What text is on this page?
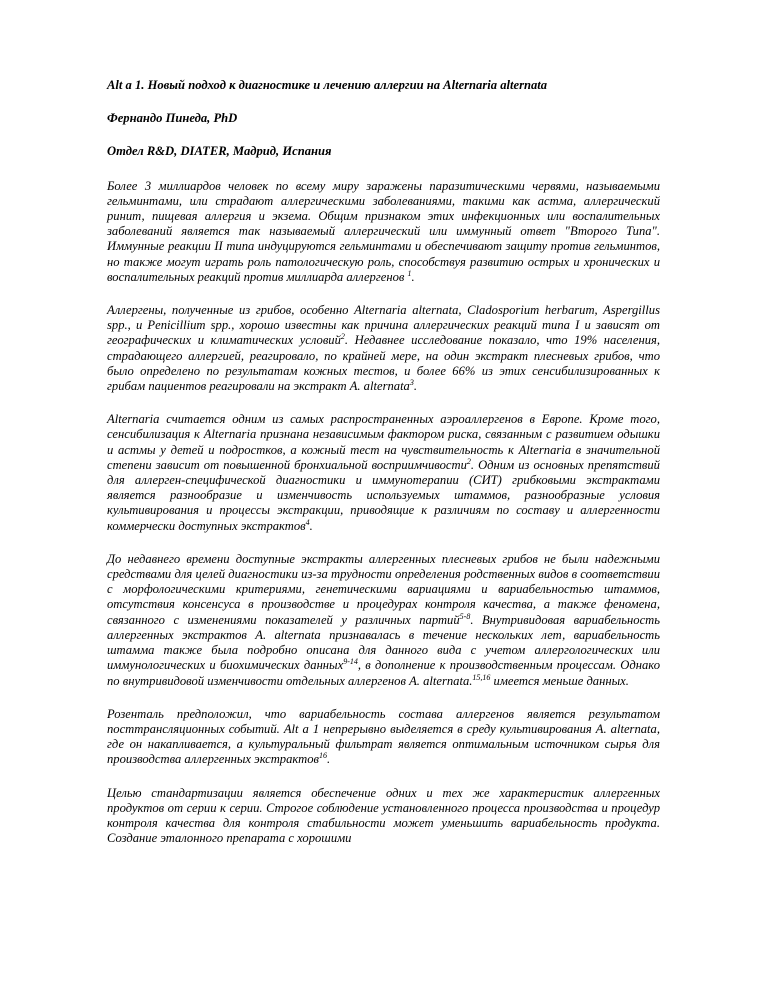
Alt a 1. Новый подход к диагностике и лечению аллергии на Alternaria alternata
Фернандо Пинеда, PhD
Отдел R&D, DIATER, Мадрид, Испания

Более 3 миллиардов человек по всему миру заражены паразитическими червями, называемыми гельминтами, или страдают аллергическими заболеваниями, такими как астма, аллергический ринит, пищевая аллергия и экзема. Общим признаком этих инфекционных или воспалительных заболеваний является так называемый аллергический или иммунный ответ "Второго Типа". Иммунные реакции II типа индуцируются гельминтами и обеспечивают защиту против гельминтов, но также могут играть роль патологическую роль, способствуя развитию острых и хронических и воспалительных реакций против миллиарда аллергенов $^1$.

Аллергены, полученные из грибов, особенно Alternaria alternata, Cladosporium herbarum, Aspergillus spp., и Penicillium spp., хорошо известны как причина аллергических реакций типа I и зависят от географических и климатических условий$^2$. Недавнее исследование показало, что 19% населения, страдающего аллергией, реагировало, по крайней мере, на один экстракт плесневых грибов, что было определено по результатам кожных тестов, и более 66% из этих сенсибилизированных к грибам пациентов реагировали на экстракт A. alternata$^3$.

Alternaria считается одним из самых распространенных аэроаллергенов в Европе. Кроме того, сенсибилизация к Alternaria признана независимым фактором риска, связанным с развитием одышки и астмы у детей и подростков, а кожный тест на чувствительность к Alternaria в значительной степени зависит от повышенной бронхиальной восприимчивости$^2$. Одним из основных препятствий для аллерген-специфической диагностики и иммунотерапии (СИТ) грибковыми экстрактами является разнообразие и изменчивость используемых штаммов, разнообразные условия культивирования и процессы экстракции, приводящие к различиям по составу и аллергенности коммерчески доступных экстрактов$^4$.

До недавнего времени доступные экстракты аллергенных плесневых грибов не были надежными средствами для целей диагностики из-за трудности определения родственных видов в соответствии с морфологическими критериями, генетическими вариациями и вариабельностью штаммов, отсутствия консенсуса в производстве и процедурах контроля качества, а также феномена, связанного с изменениями показателей у различных партий$^{5-8}$. Внутривидовая вариабельность аллергенных экстрактов A. alternata признавалась в течение нескольких лет, вариабельность штамма также была подробно описана для данного вида с учетом аллергологических или иммунологических и биохимических данных$^{9-14}$, в дополнение к производственным процессам. Однако по внутривидовой изменчивости отдельных аллергенов A. alternata.$^{15,16}$ имеется меньше данных.

Розенталь предположил, что вариабельность состава аллергенов является результатом посттрансляционных событий. Alt a 1 непрерывно выделяется в среду культивирования A. alternata, где он накапливается, а культуральный фильтрат является оптимальным источником сырья для производства аллергенных экстрактов$^{16}$.

Целью стандартизации является обеспечение одних и тех же характеристик аллергенных продуктов от серии к серии. Строгое соблюдение установленного процесса производства и процедур контроля качества для контроля стабильности может уменьшить вариабельность продукта. Создание эталонного препарата с хорошими
